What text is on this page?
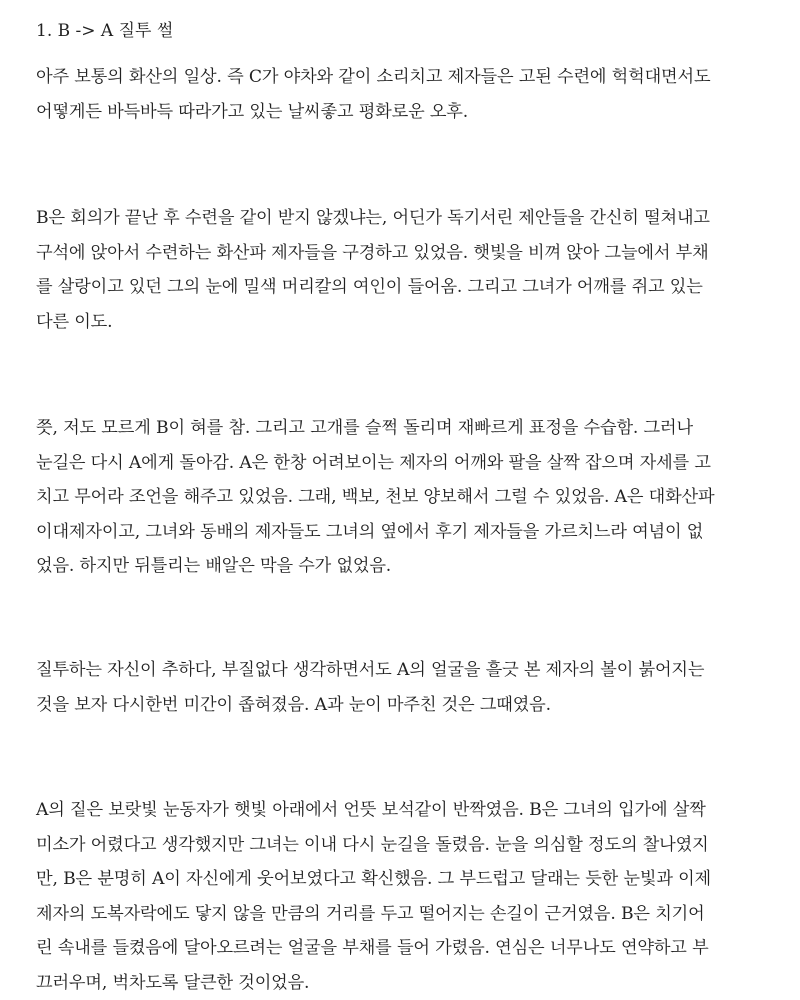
1. B -> A 질투 썰
아주 보통의 화산의 일상. 즉 C가 야차와 같이 소리치고 제자들은 고된 수련에 헉헉대면서도
어떻게든 바득바득 따라가고 있는 날씨좋고 평화로운 오후.
B은 회의가 끝난 후 수련을 같이 받지 않겠냐는, 어딘가 독기서린 제안들을 간신히 떨쳐내고
구석에 앉아서 수련하는 화산파 제자들을 구경하고 있었음. 햇빛을 비껴 앉아 그늘에서 부채
를 살랑이고 있던 그의 눈에 밀색 머리칼의 여인이 들어옴. 그리고 그녀가 어깨를 쥐고 있는
다른 이도.
쯧, 저도 모르게 B이 혀를 참. 그리고 고개를 슬쩍 돌리며 재빠르게 표정을 수습함. 그러나
눈길은 다시 A에게 돌아감. A은 한창 어려보이는 제자의 어깨와 팔을 살짝 잡으며 자세를 고
치고 무어라 조언을 해주고 있었음. 그래, 백보, 천보 양보해서 그럴 수 있었음. A은 대화산파
이대제자이고, 그녀와 동배의 제자들도 그녀의 옆에서 후기 제자들을 가르치느라 여념이 없
었음. 하지만 뒤틀리는 배알은 막을 수가 없었음.
질투하는 자신이 추하다, 부질없다 생각하면서도 A의 얼굴을 흘긋 본 제자의 볼이 붉어지는
것을 보자 다시한번 미간이 좁혀졌음. A과 눈이 마주친 것은 그때였음.
A의 짙은 보랏빛 눈동자가 햇빛 아래에서 언뜻 보석같이 반짝였음. B은 그녀의 입가에 살짝
미소가 어렸다고 생각했지만 그녀는 이내 다시 눈길을 돌렸음. 눈을 의심할 정도의 찰나였지
만, B은 분명히 A이 자신에게 웃어보였다고 확신했음. 그 부드럽고 달래는 듯한 눈빛과 이제
제자의 도복자락에도 닿지 않을 만큼의 거리를 두고 떨어지는 손길이 근거였음. B은 치기어
린 속내를 들켰음에 달아오르려는 얼굴을 부채를 들어 가렸음. 연심은 너무나도 연약하고 부
끄러우며, 벅차도록 달큰한 것이었음.
